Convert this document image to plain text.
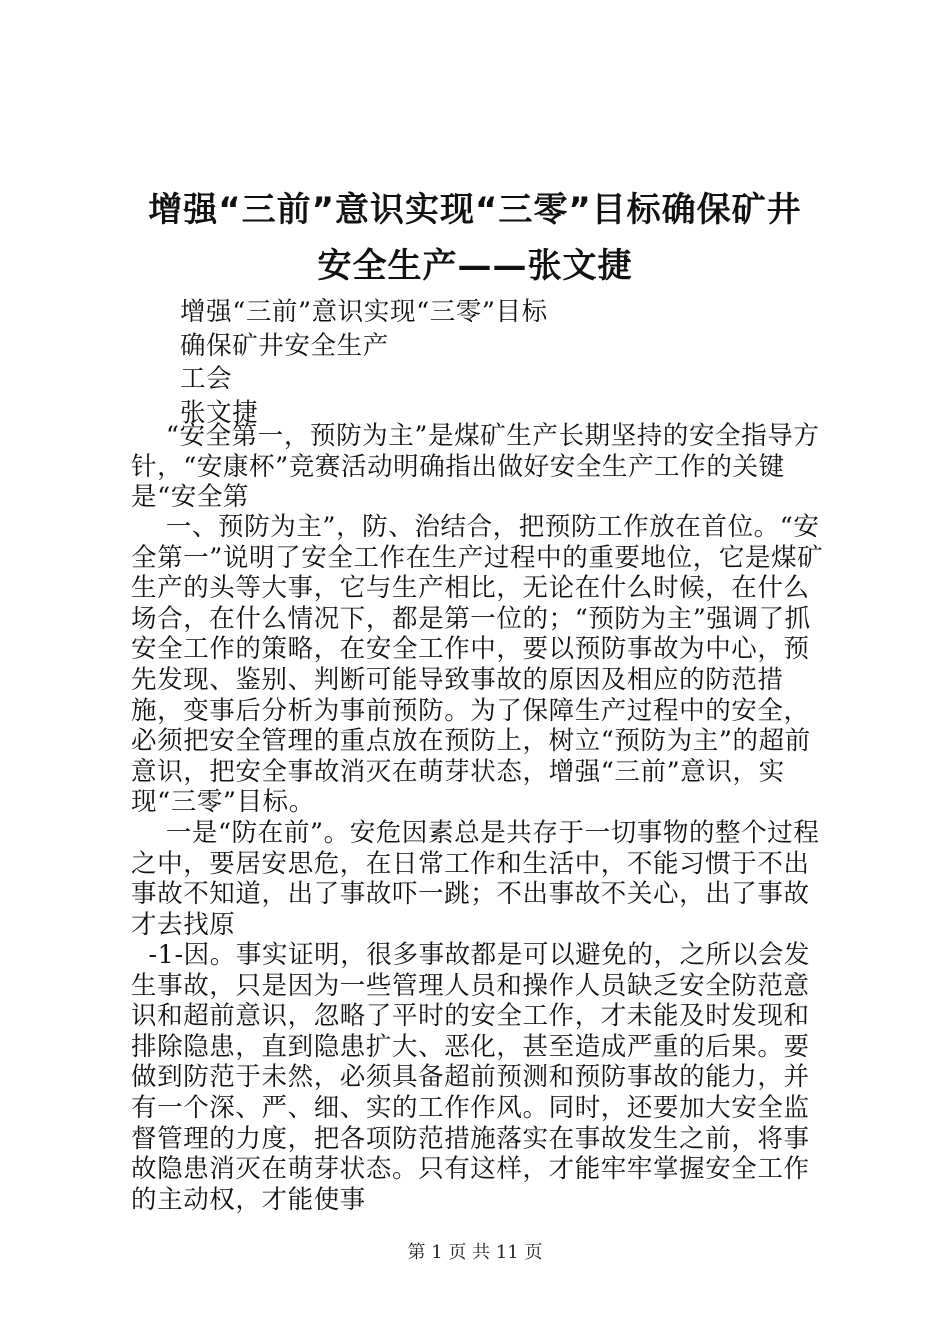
增强“三前”意识实现“三零”目标确保矿井
安全生产——张文捷
增强“三前”意识实现“三零”目标
确保矿井安全生产
工会
张文捷

“安全第一，预防为主”是煤矿生产长期坚持的安全指导方针，“安康杯”竞赛活动明确指出做好安全生产工作的关键是“安全第

一、预防为主”，防、治结合，把预防工作放在首位。“安全第一”说明了安全工作在生产过程中的重要地位，它是煤矿生产的头等大事，它与生产相比，无论在什么时候，在什么场合，在什么情况下，都是第一位的；“预防为主”强调了抓安全工作的策略，在安全工作中，要以预防事故为中心，预先发现、鉴别、判断可能导致事故的原因及相应的防范措施，变事后分析为事前预防。为了保障生产过程中的安全，必须把安全管理的重点放在预防上，树立“预防为主”的超前意识，把安全事故消灭在萌芽状态，增强“三前”意识，实现“三零”目标。

一是“防在前”。安危因素总是共存于一切事物的整个过程之中，要居安思危，在日常工作和生活中，不能习惯于不出事故不知道，出了事故吓一跳；不出事故不关心，出了事故才去找原

-1-因。事实证明，很多事故都是可以避免的，之所以会发生事故，只是因为一些管理人员和操作人员缺乏安全防范意识和超前意识，忽略了平时的安全工作，才未能及时发现和排除隐患，直到隐患扩大、恶化，甚至造成严重的后果。要做到防范于未然，必须具备超前预测和预防事故的能力，并有一个深、严、细、实的工作作风。同时，还要加大安全监督管理的力度，把各项防范措施落实在事故发生之前，将事故隐患消灭在萌芽状态。只有这样，才能牢牢掌握安全工作的主动权，才能使事

第 1 页 共 11 页
